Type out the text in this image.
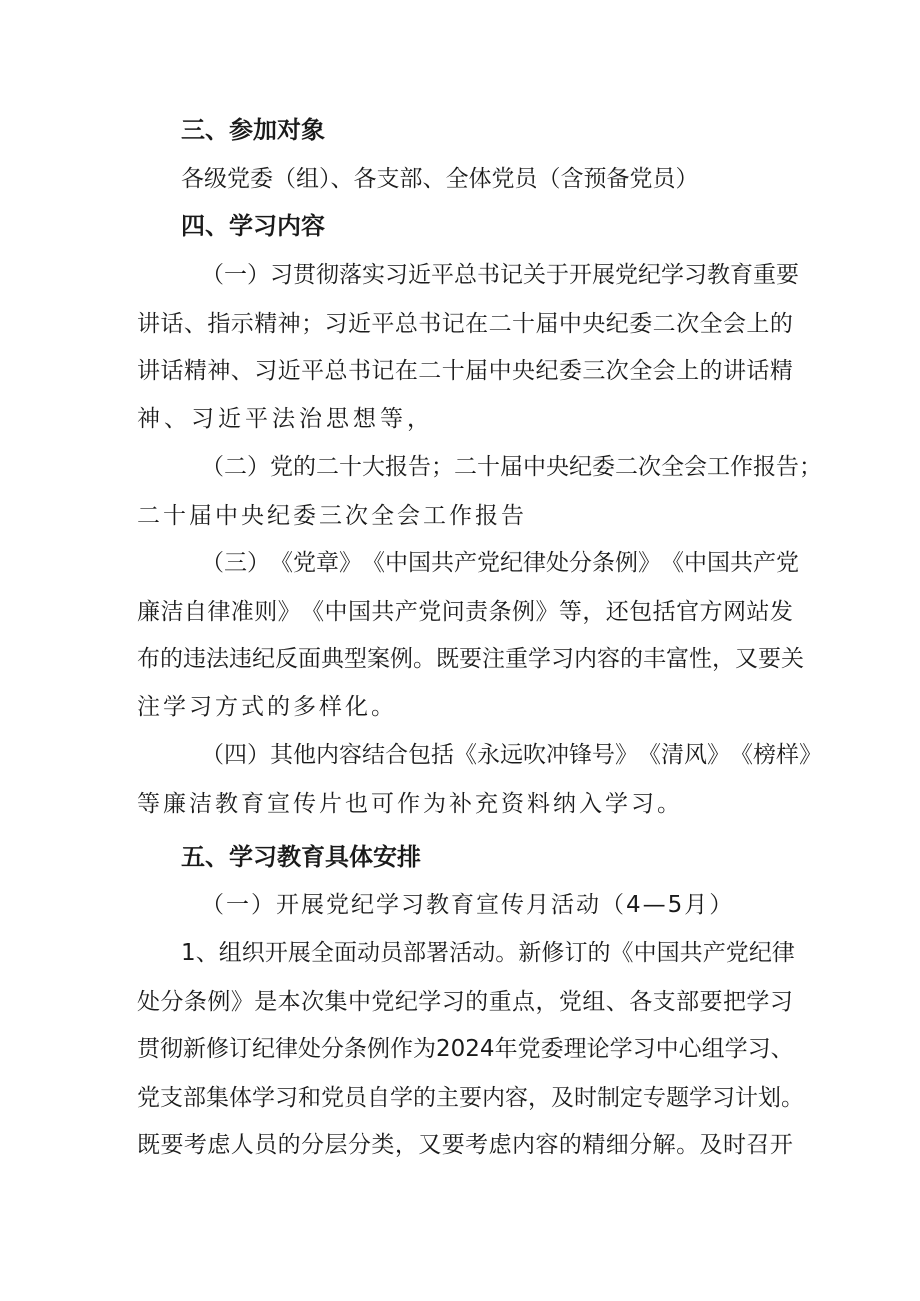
三、参加对象
各级党委（组）、各支部、全体党员（含预备党员）
四、学习内容
（ 一 ） 习 贯 彻 落 实 习 近 平 总 书 记 关 于 开 展 党 纪 学 习 教 育 重 要
讲 话 、 指 示 精 神 ； 习 近 平 总 书 记 在 二 十 届 中 央 纪 委 二 次 全 会 上 的
讲 话 精 神 、 习 近 平 总 书 记 在 二 十 届 中 央 纪 委 三 次 全 会 上 的 讲 话 精
神、习近平法治思想等，
（ 二 ） 党 的 二 十 大 报 告 ； 二 十 届 中 央 纪 委 二 次 全 会 工 作 报 告 ；
二十届中央纪委三次全会工作报告
（ 三 ） 《 党 章 》 《 中 国 共 产 党 纪 律 处 分 条 例 》 《 中 国 共 产 党
廉 洁 自 律 准 则 》 《 中 国 共 产 党 问 责 条 例 》 等 ， 还 包 括 官 方 网 站 发
布 的 违 法 违 纪 反 面 典 型 案 例 。 既 要 注 重 学 习 内 容 的 丰 富 性 ， 又 要 关
注学习方式的多样化。
（ 四 ） 其 他 内 容 结 合 包 括 《 永 远 吹 冲 锋 号 》 《 清 风 》 《 榜 样 》
等廉洁教育宣传片也可作为补充资料纳入学习。
五、学习教育具体安排
（一）开展党纪学习教育宣传月活动（4—5月）
1 、 组 织 开 展 全 面 动 员 部 署 活 动 。 新 修 订 的 《 中 国 共 产 党 纪 律
处 分 条 例 》 是 本 次 集 中 党 纪 学 习 的 重 点 ， 党 组 、 各 支 部 要 把 学 习
贯 彻 新 修 订 纪 律 处 分 条 例 作 为 2 0 2 4 年 党 委 理 论 学 习 中 心 组 学 习 、
党 支 部 集 体 学 习 和 党 员 自 学 的 主 要 内 容 ， 及 时 制 定 专 题 学 习 计 划 。
既 要 考 虑 人 员 的 分 层 分 类 ， 又 要 考 虑 内 容 的 精 细 分 解 。 及 时 召 开
